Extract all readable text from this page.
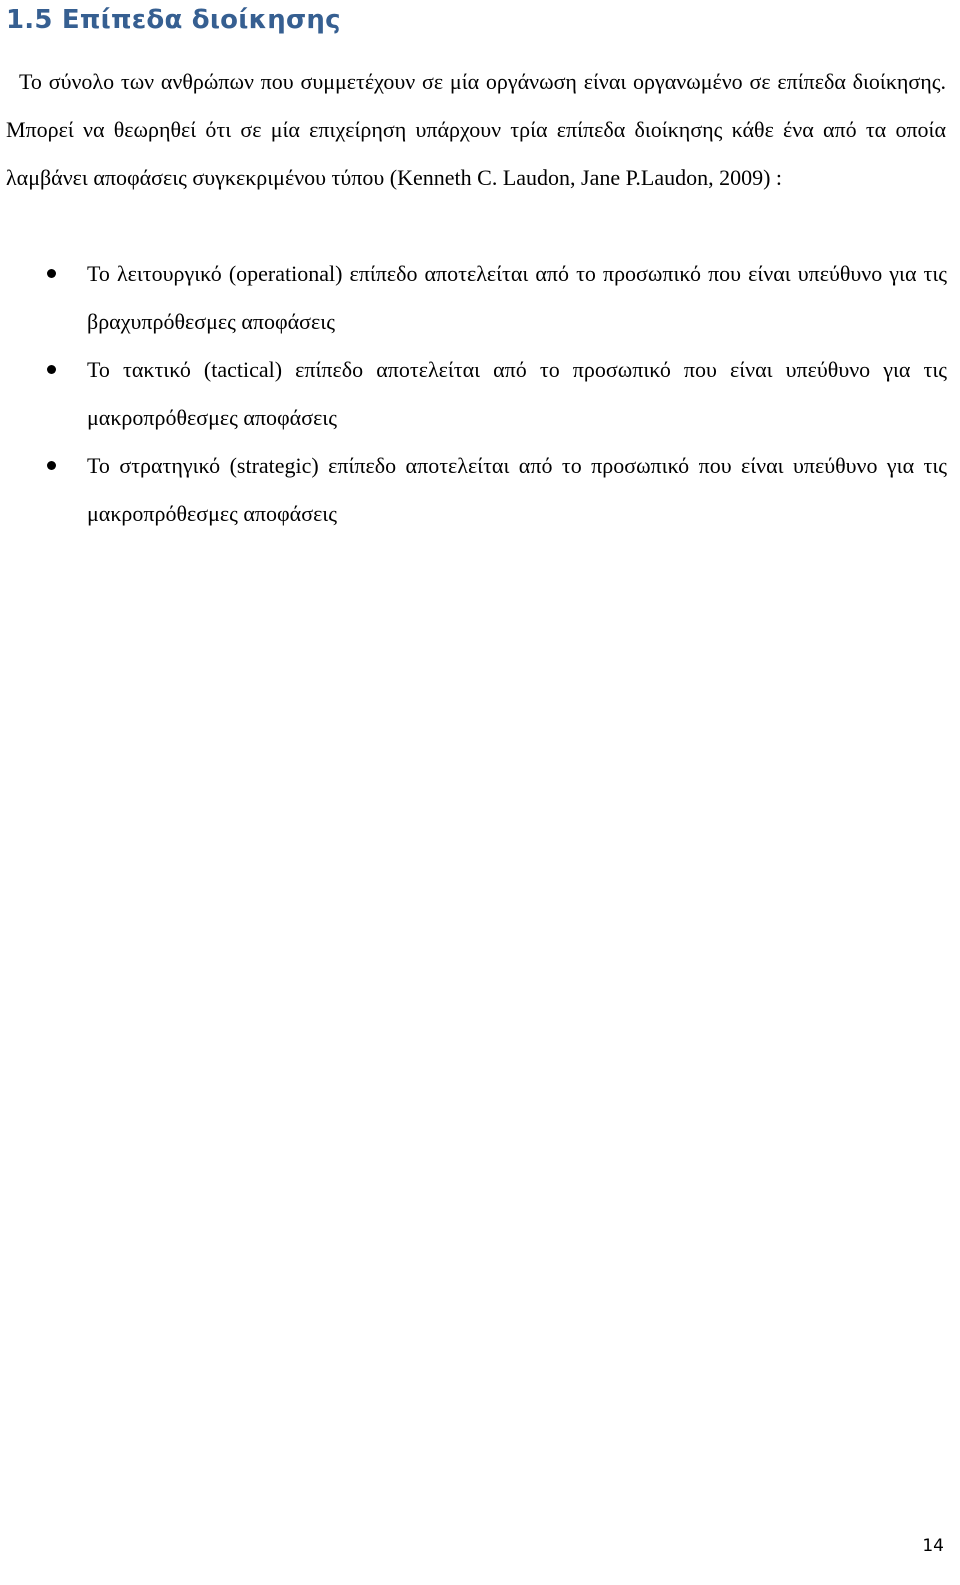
1.5 Επίπεδα διοίκησης

Το σύνολο των ανθρώπων που συμμετέχουν σε μία οργάνωση είναι οργανωμένο σε επίπεδα διοίκησης. Μπορεί να θεωρηθεί ότι σε μία επιχείρηση υπάρχουν τρία επίπεδα διοίκησης κάθε ένα από τα οποία λαμβάνει αποφάσεις συγκεκριμένου τύπου (Kenneth C. Laudon, Jane P.Laudon, 2009) :

Το λειτουργικό (operational) επίπεδο αποτελείται από το προσωπικό που είναι υπεύθυνο για τις βραχυπρόθεσμες αποφάσεις
Το τακτικό (tactical) επίπεδο αποτελείται από το προσωπικό που είναι υπεύθυνο για τις μακροπρόθεσμες αποφάσεις
Το στρατηγικό (strategic) επίπεδο αποτελείται από το προσωπικό που είναι υπεύθυνο για τις μακροπρόθεσμες αποφάσεις

14
